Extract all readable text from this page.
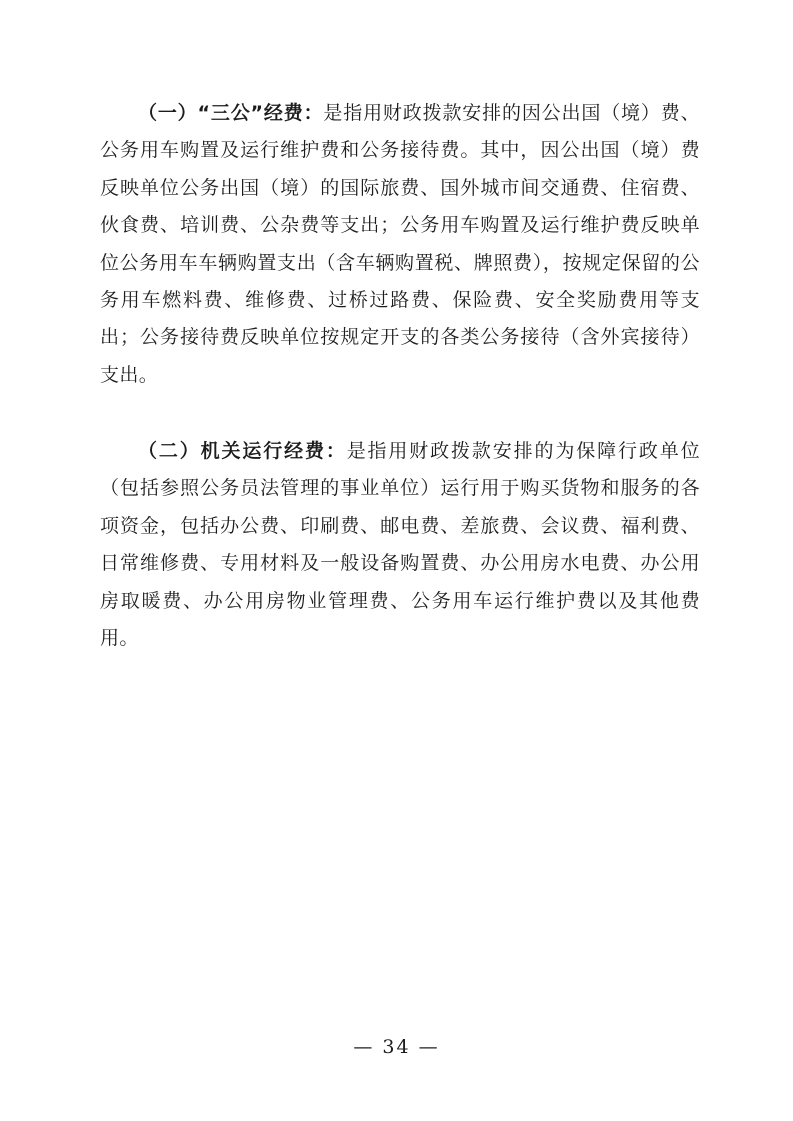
（一）“三公”经费：是指用财政拨款安排的因公出国（境）费、公务用车购置及运行维护费和公务接待费。其中，因公出国（境）费反映单位公务出国（境）的国际旅费、国外城市间交通费、住宿费、伙食费、培训费、公杂费等支出；公务用车购置及运行维护费反映单位公务用车车辆购置支出（含车辆购置税、牌照费），按规定保留的公务用车燃料费、维修费、过桥过路费、保险费、安全奖励费用等支出；公务接待费反映单位按规定开支的各类公务接待（含外宾接待）支出。

（二）机关运行经费：是指用财政拨款安排的为保障行政单位（包括参照公务员法管理的事业单位）运行用于购买货物和服务的各项资金，包括办公费、印刷费、邮电费、差旅费、会议费、福利费、日常维修费、专用材料及一般设备购置费、办公用房水电费、办公用房取暖费、办公用房物业管理费、公务用车运行维护费以及其他费用。

— 34 —
